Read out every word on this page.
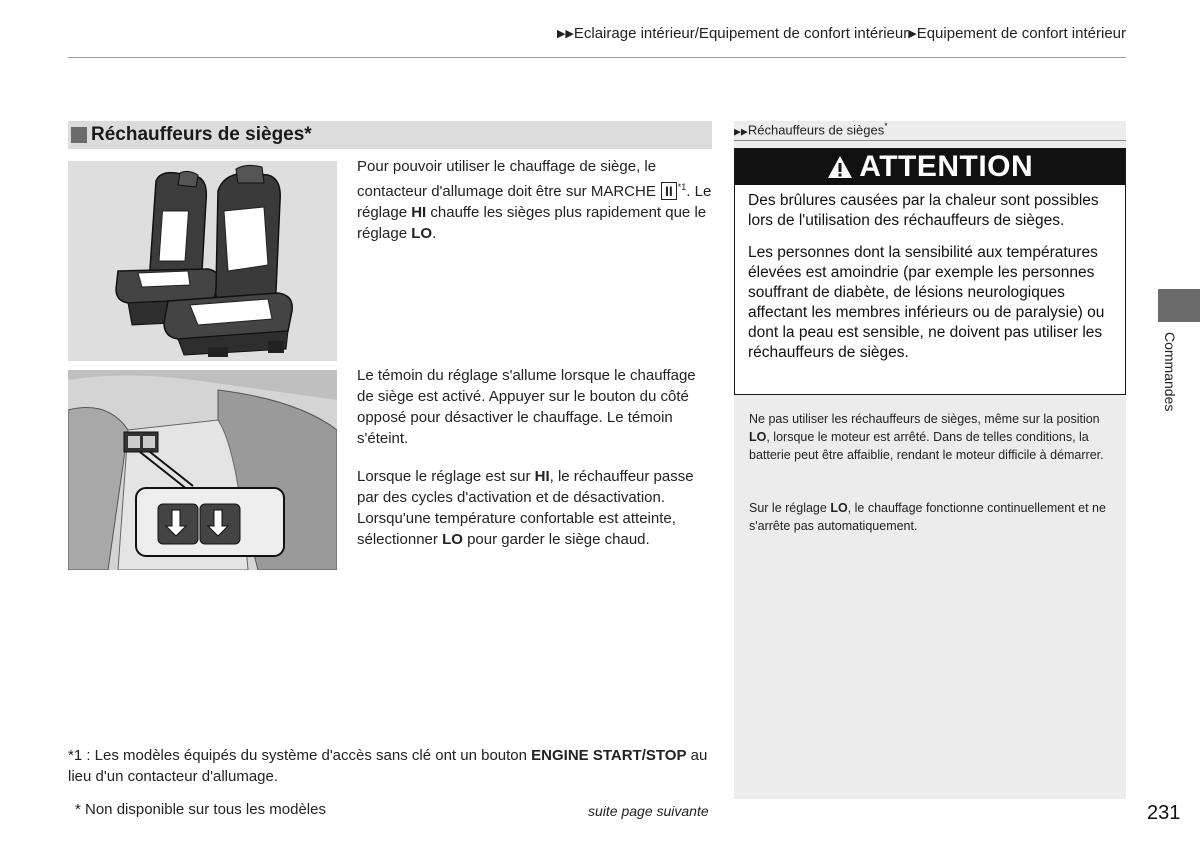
▶▶Eclairage intérieur/Equipement de confort intérieur▶Equipement de confort intérieur
Réchauffeurs de sièges*
Pour pouvoir utiliser le chauffage de siège, le contacteur d'allumage doit être sur MARCHE II $^{*1}$. Le réglage HI chauffe les sièges plus rapidement que le réglage LO.
Le témoin du réglage s'allume lorsque le chauffage de siège est activé. Appuyer sur le bouton du côté opposé pour désactiver le chauffage. Le témoin s'éteint.
Lorsque le réglage est sur HI, le réchauffeur passe par des cycles d'activation et de désactivation. Lorsqu'une température confortable est atteinte, sélectionner LO pour garder le siège chaud.
*1 : Les modèles équipés du système d'accès sans clé ont un bouton ENGINE START/STOP au lieu d'un contacteur d'allumage.
* Non disponible sur tous les modèles	suite page suivante
▶▶Réchauffeurs de sièges*
ATTENTION
Des brûlures causées par la chaleur sont possibles lors de l'utilisation des réchauffeurs de sièges.
Les personnes dont la sensibilité aux températures élevées est amoindrie (par exemple les personnes souffrant de diabète, de lésions neurologiques affectant les membres inférieurs ou de paralysie) ou dont la peau est sensible, ne doivent pas utiliser les réchauffeurs de sièges.
Ne pas utiliser les réchauffeurs de sièges, même sur la position LO, lorsque le moteur est arrêté. Dans de telles conditions, la batterie peut être affaiblie, rendant le moteur difficile à démarrer.
Sur le réglage LO, le chauffage fonctionne continuellement et ne s'arrête pas automatiquement.
Commandes
231
